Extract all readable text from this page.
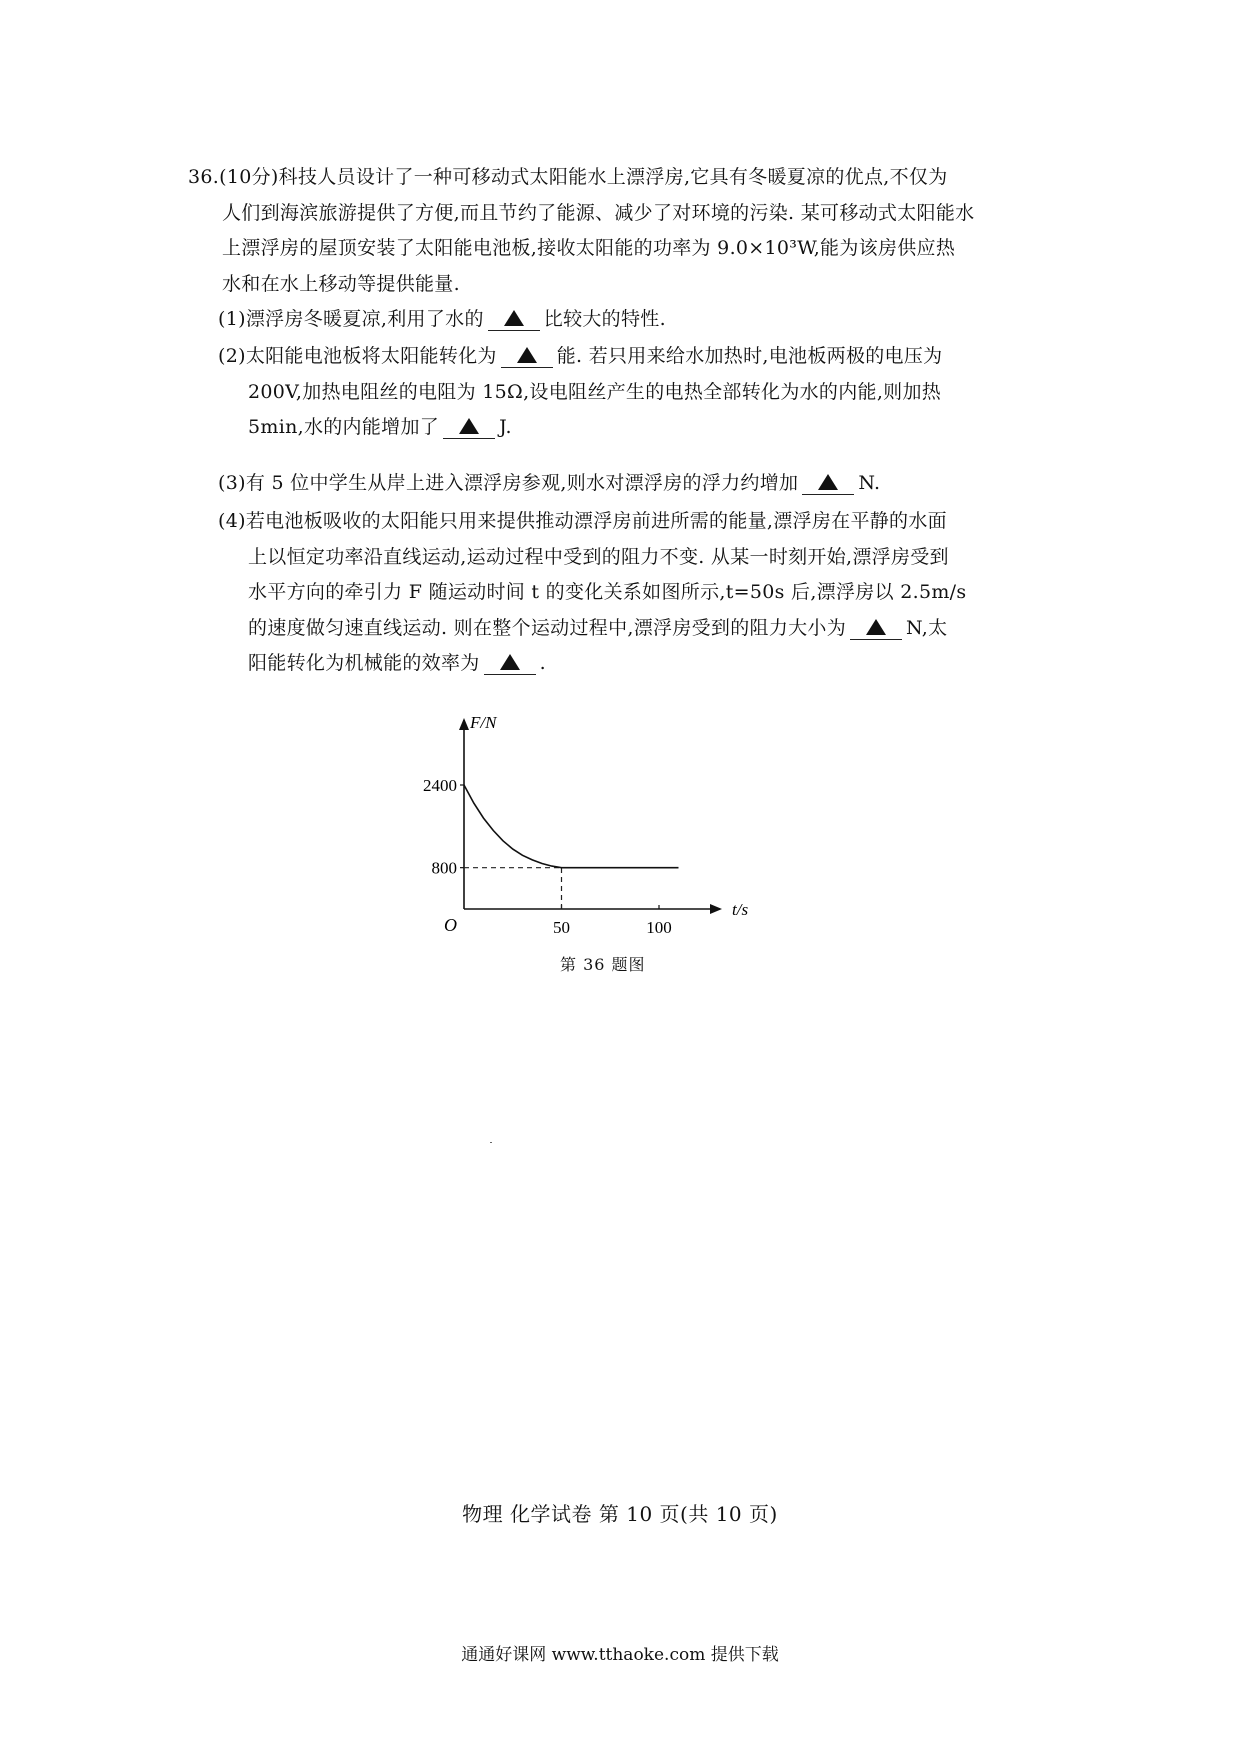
36.(10分)科技人员设计了一种可移动式太阳能水上漂浮房,它具有冬暖夏凉的优点,不仅为
人们到海滨旅游提供了方便,而且节约了能源、减少了对环境的污染. 某可移动式太阳能水
上漂浮房的屋顶安装了太阳能电池板,接收太阳能的功率为 9.0×10³W,能为该房供应热
水和在水上移动等提供能量.
(1)漂浮房冬暖夏凉,利用了水的	比较大的特性.
(2)太阳能电池板将太阳能转化为	能. 若只用来给水加热时,电池板两极的电压为
200V,加热电阻丝的电阻为 15Ω,设电阻丝产生的电热全部转化为水的内能,则加热
5min,水的内能增加了	J.
(3)有 5 位中学生从岸上进入漂浮房参观,则水对漂浮房的浮力约增加	N.
(4)若电池板吸收的太阳能只用来提供推动漂浮房前进所需的能量,漂浮房在平静的水面
上以恒定功率沿直线运动,运动过程中受到的阻力不变. 从某一时刻开始,漂浮房受到
水平方向的牵引力 F 随运动时间 t 的变化关系如图所示,t=50s 后,漂浮房以 2.5m/s
的速度做匀速直线运动. 则在整个运动过程中,漂浮房受到的阻力大小为	N,太
阳能转化为机械能的效率为	.
800
2400
50	100
F/N
t/s
O
第 36 题图
物理 化学试卷 第 10 页(共 10 页)
通通好课网 www.tthaoke.com 提供下载
